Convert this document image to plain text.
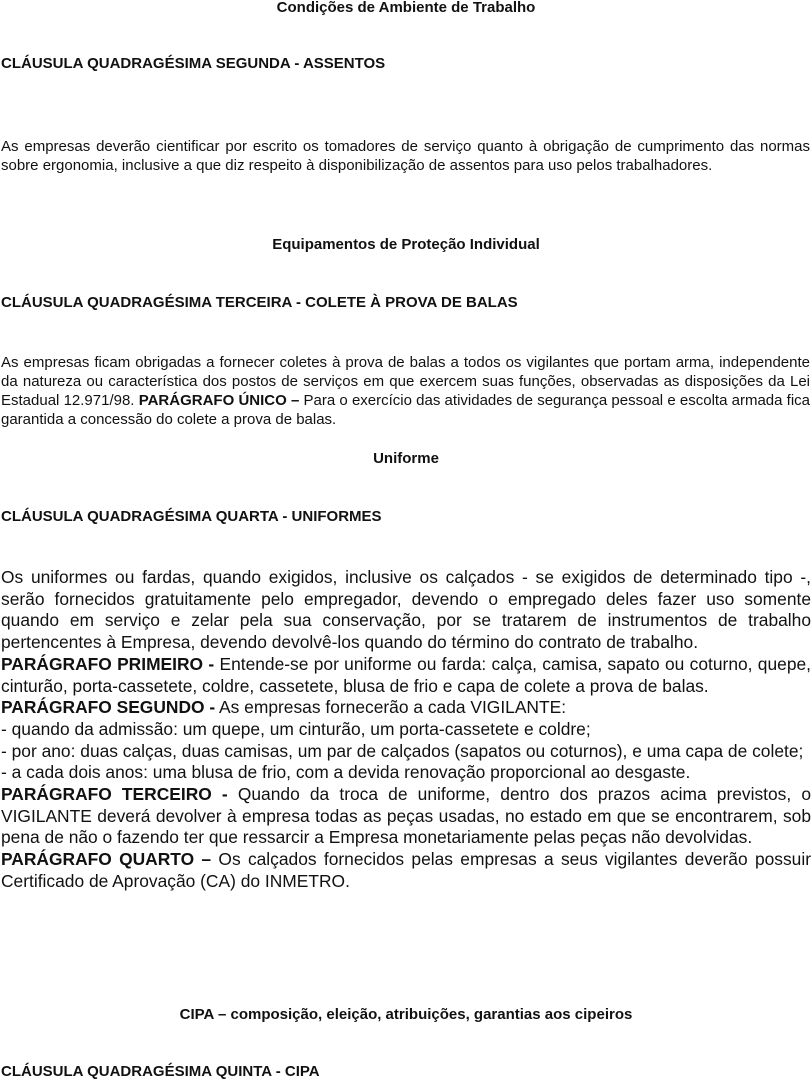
Condições de Ambiente de Trabalho
CLÁUSULA QUADRAGÉSIMA SEGUNDA - ASSENTOS

As empresas deverão cientificar por escrito os tomadores de serviço quanto à obrigação de cumprimento das normas sobre ergonomia, inclusive a que diz respeito à disponibilização de assentos para uso pelos trabalhadores.

Equipamentos de Proteção Individual
CLÁUSULA QUADRAGÉSIMA TERCEIRA - COLETE À PROVA DE BALAS

As empresas ficam obrigadas a fornecer coletes à prova de balas a todos os vigilantes que portam arma, independente da natureza ou característica dos postos de serviços em que exercem suas funções, observadas as disposições da Lei Estadual 12.971/98. PARÁGRAFO ÚNICO – Para o exercício das atividades de segurança pessoal e escolta armada fica garantida a concessão do colete a prova de balas.

Uniforme
CLÁUSULA QUADRAGÉSIMA QUARTA - UNIFORMES
Os uniformes ou fardas, quando exigidos, inclusive os calçados - se exigidos de determinado tipo -, serão fornecidos gratuitamente pelo empregador, devendo o empregado deles fazer uso somente quando em serviço e zelar pela sua conservação, por se tratarem de instrumentos de trabalho pertencentes à Empresa, devendo devolvê-los quando do término do contrato de trabalho.
PARÁGRAFO PRIMEIRO - Entende-se por uniforme ou farda: calça, camisa, sapato ou coturno, quepe, cinturão, porta-cassetete, coldre, cassetete, blusa de frio e capa de colete a prova de balas.
PARÁGRAFO SEGUNDO - As empresas fornecerão a cada VIGILANTE:
- quando da admissão: um quepe, um cinturão, um porta-cassetete e coldre;
- por ano: duas calças, duas camisas, um par de calçados (sapatos ou coturnos), e uma capa de colete;
- a cada dois anos: uma blusa de frio, com a devida renovação proporcional ao desgaste.
PARÁGRAFO TERCEIRO - Quando da troca de uniforme, dentro dos prazos acima previstos, o VIGILANTE deverá devolver à empresa todas as peças usadas, no estado em que se encontrarem, sob pena de não o fazendo ter que ressarcir a Empresa monetariamente pelas peças não devolvidas.
PARÁGRAFO QUARTO – Os calçados fornecidos pelas empresas a seus vigilantes deverão possuir Certificado de Aprovação (CA) do INMETRO.
CIPA – composição, eleição, atribuições, garantias aos cipeiros
CLÁUSULA QUADRAGÉSIMA QUINTA - CIPA
